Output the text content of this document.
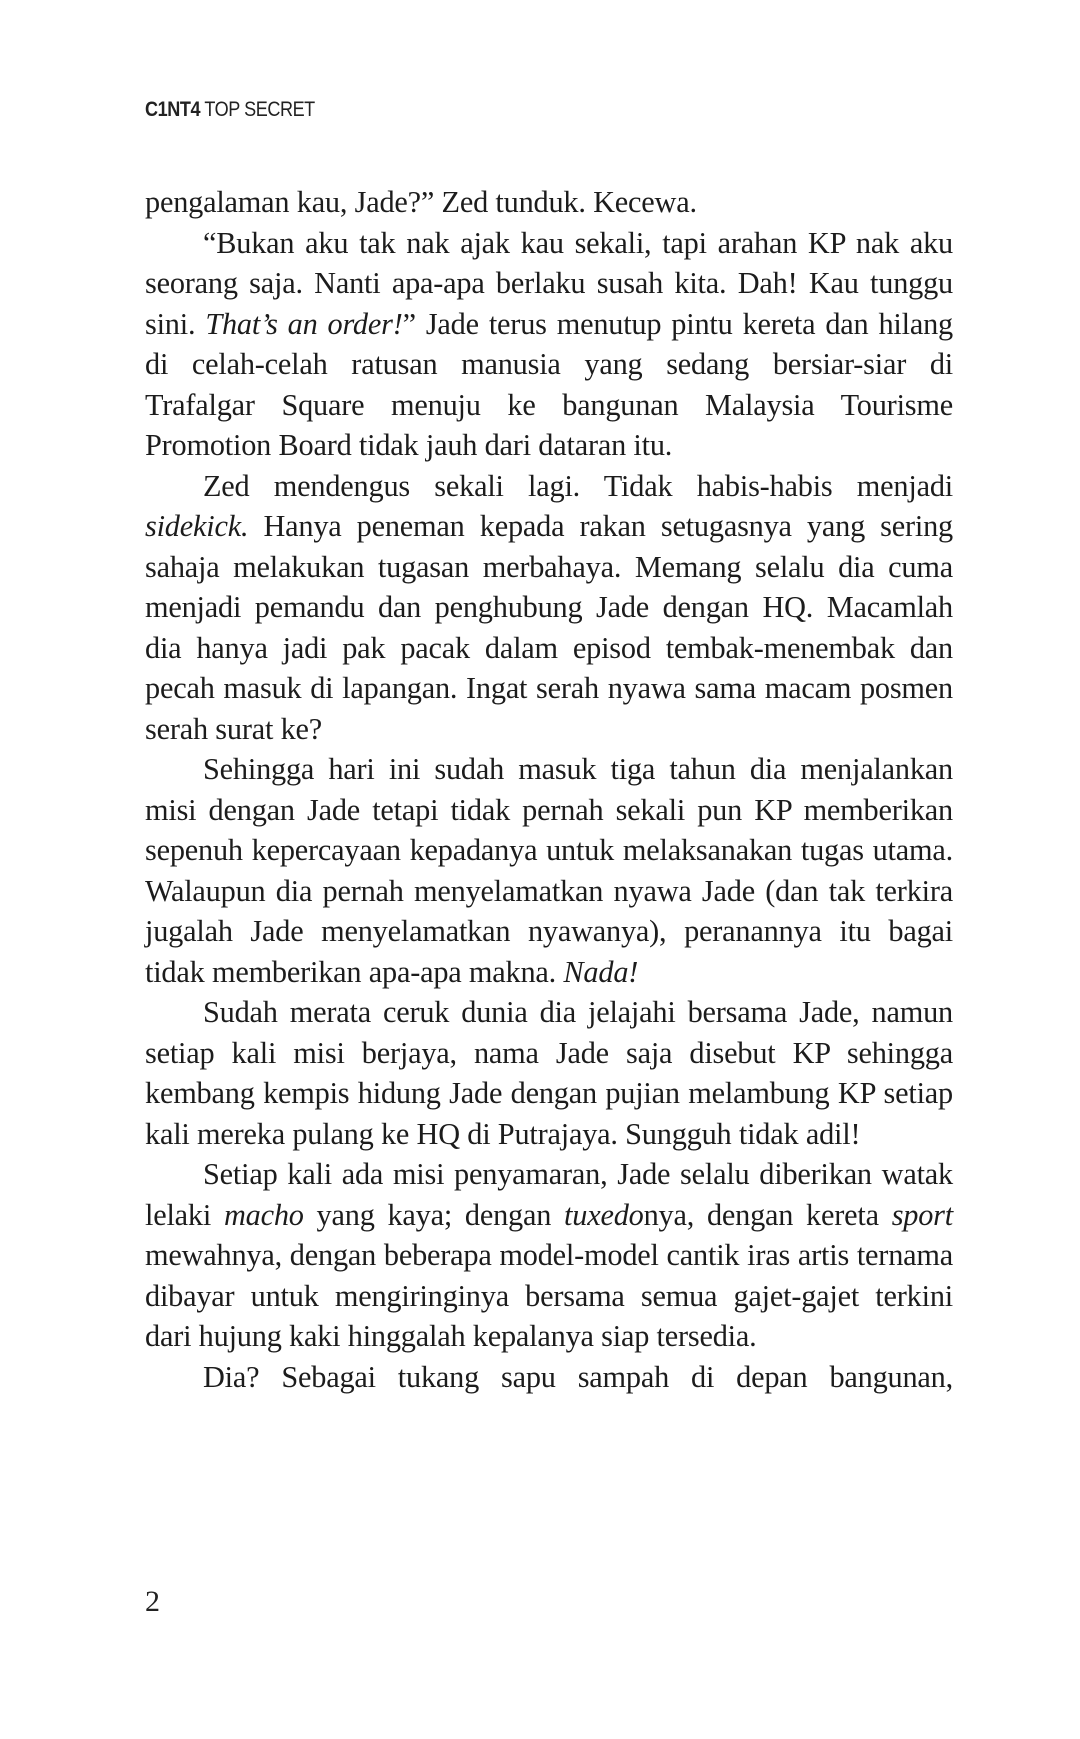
C1NT4 TOP SECRET

pengalaman kau, Jade?” Zed tunduk. Kecewa.

“Bukan aku tak nak ajak kau sekali, tapi arahan KP nak aku seorang saja. Nanti apa-apa berlaku susah kita. Dah! Kau tunggu sini. That’s an order!” Jade terus menutup pintu kereta dan hilang di celah-celah ratusan manusia yang sedang bersiar-siar di Trafalgar Square menuju ke bangunan Malaysia Tourisme Promotion Board tidak jauh dari dataran itu.

Zed mendengus sekali lagi. Tidak habis-habis menjadi sidekick. Hanya peneman kepada rakan setugasnya yang sering sahaja melakukan tugasan merbahaya. Memang selalu dia cuma menjadi pemandu dan penghubung Jade dengan HQ. Macamlah dia hanya jadi pak pacak dalam episod tembak-menembak dan pecah masuk di lapangan. Ingat serah nyawa sama macam posmen serah surat ke?

Sehingga hari ini sudah masuk tiga tahun dia menjalankan misi dengan Jade tetapi tidak pernah sekali pun KP memberikan sepenuh kepercayaan kepadanya untuk melaksanakan tugas utama. Walaupun dia pernah menyelamatkan nyawa Jade (dan tak terkira jugalah Jade menyelamatkan nyawanya), peranannya itu bagai tidak memberikan apa-apa makna. Nada!

Sudah merata ceruk dunia dia jelajahi bersama Jade, namun setiap kali misi berjaya, nama Jade saja disebut KP sehingga kembang kempis hidung Jade dengan pujian melambung KP setiap kali mereka pulang ke HQ di Putrajaya. Sungguh tidak adil!

Setiap kali ada misi penyamaran, Jade selalu diberikan watak lelaki macho yang kaya; dengan tuxedonya, dengan kereta sport mewahnya, dengan beberapa model-model cantik iras artis ternama dibayar untuk mengiringinya bersama semua gajet-gajet terkini dari hujung kaki hinggalah kepalanya siap tersedia.

Dia? Sebagai tukang sapu sampah di depan bangunan,

2
